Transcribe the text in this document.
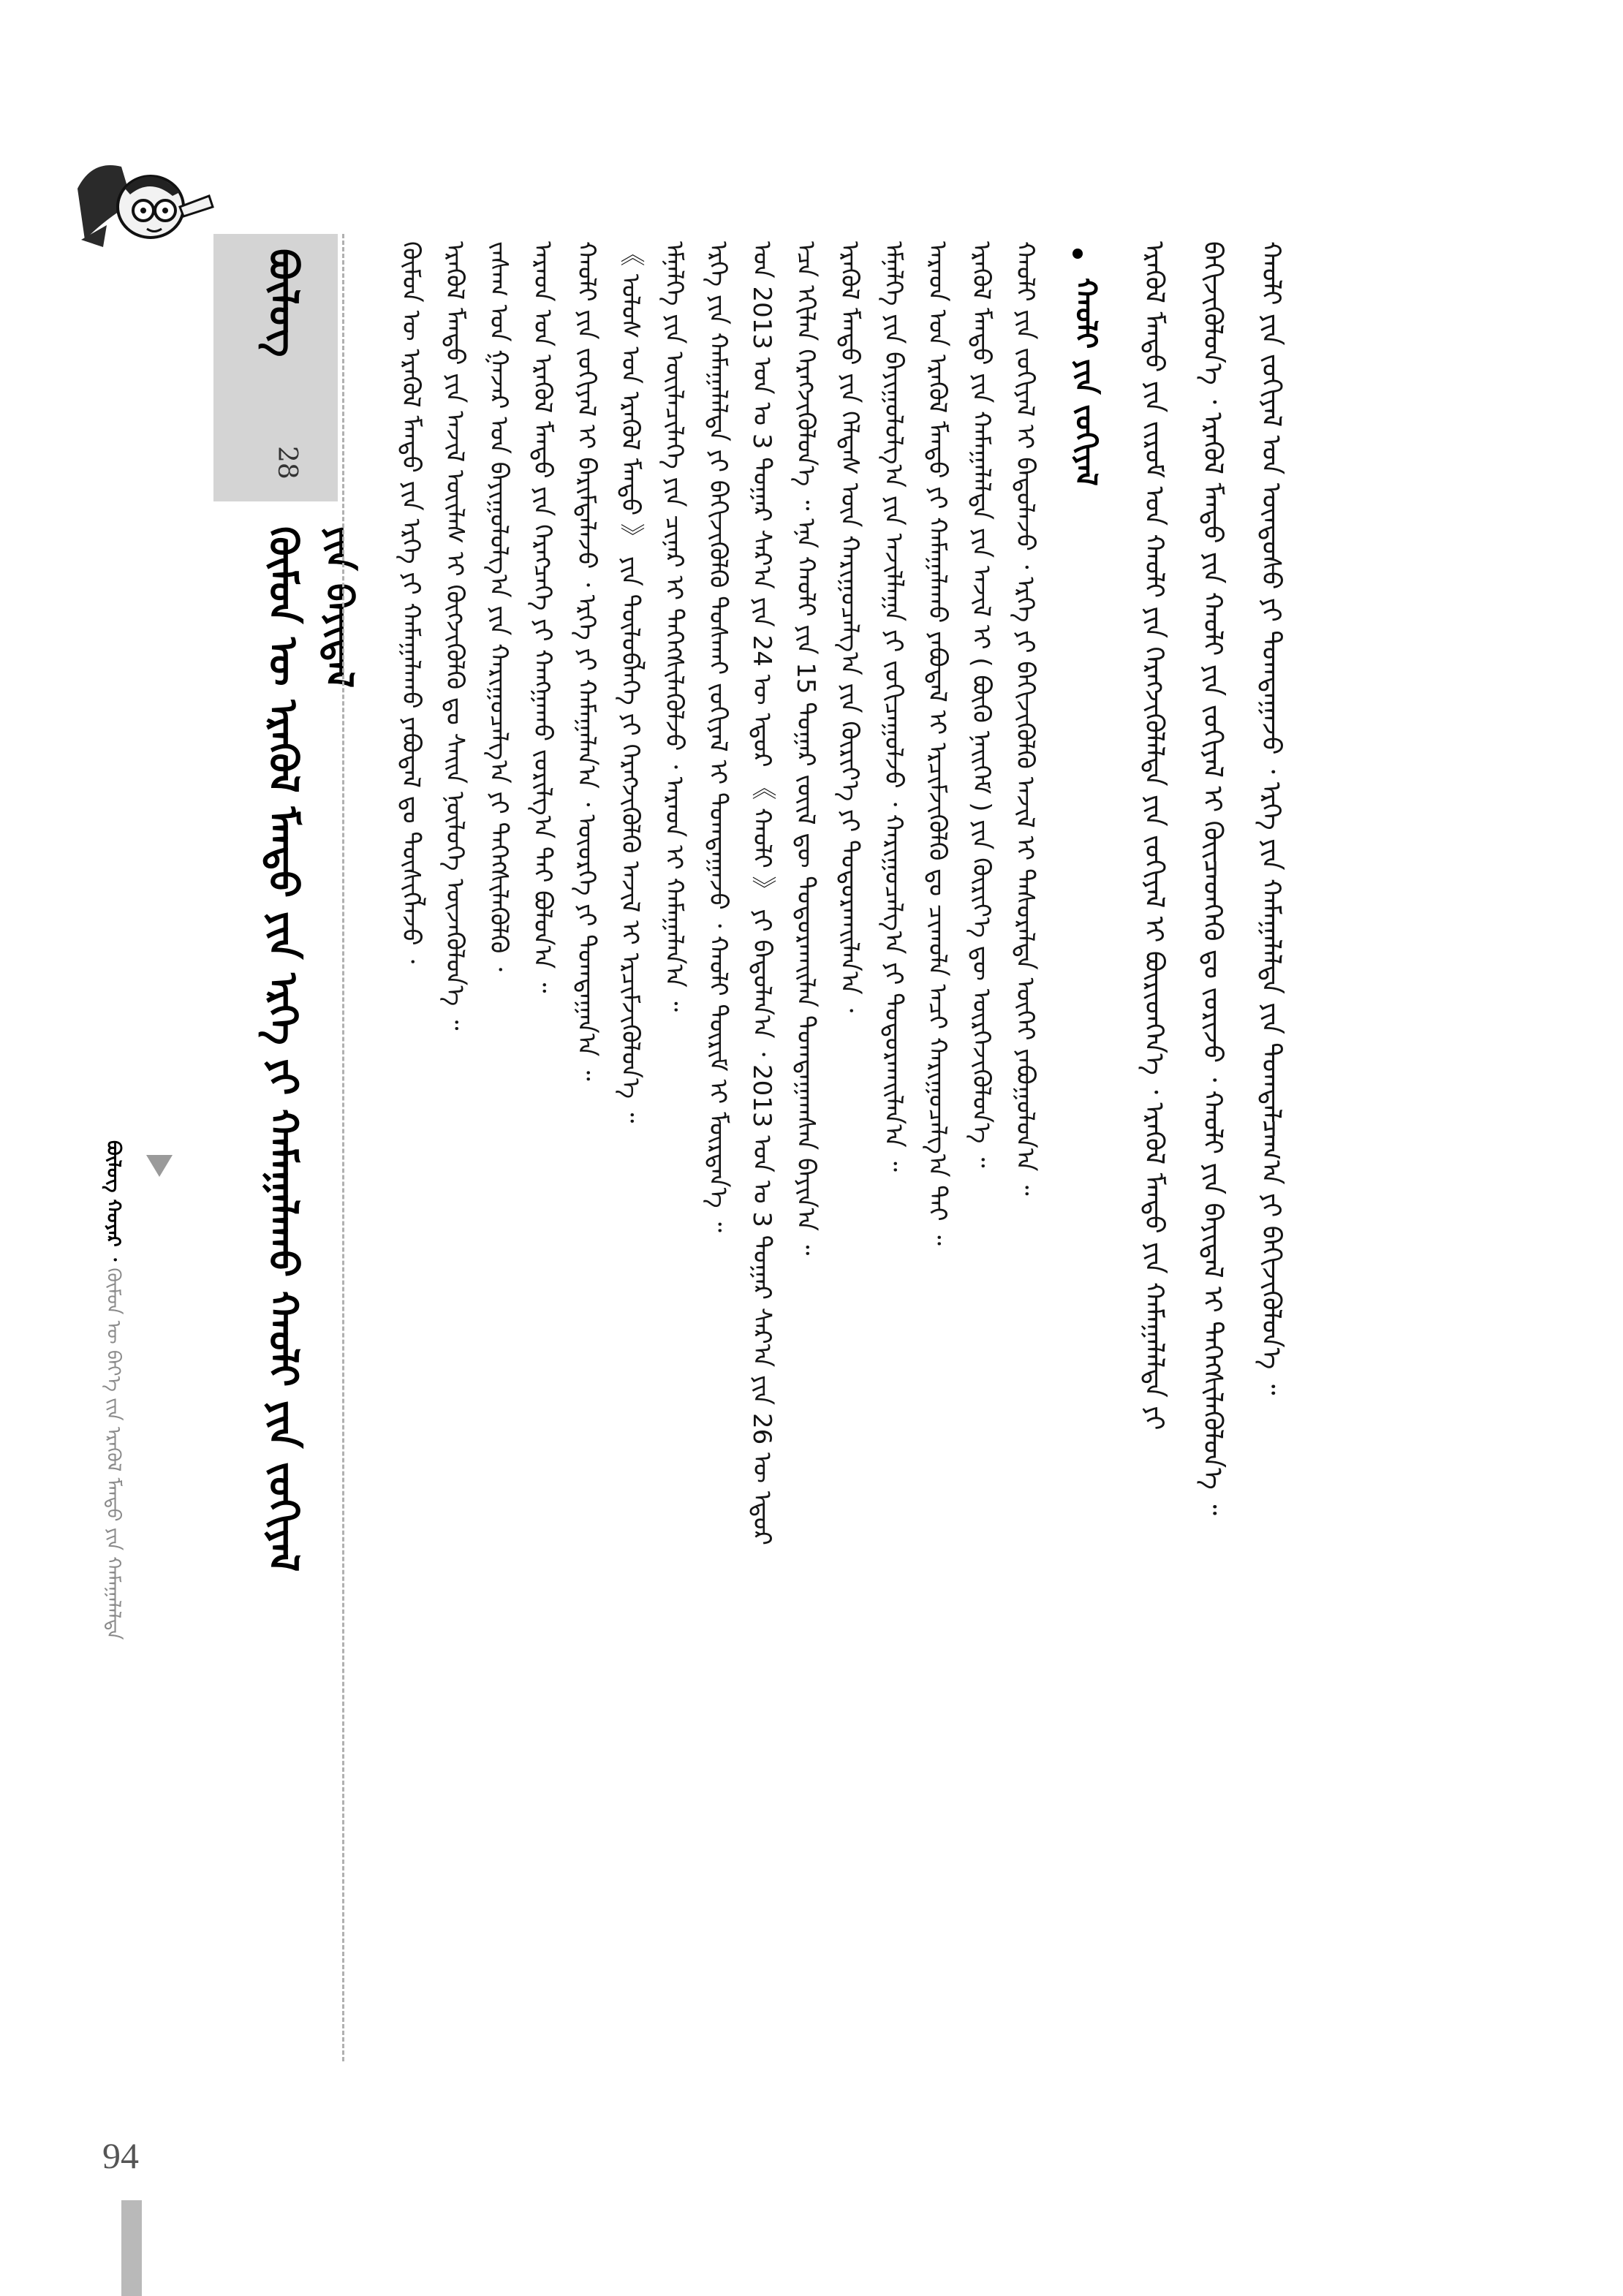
ᠪᠦᠯᠦᠭ ᠬᠣᠶᠠᠷ ᠂ ᠬᠦᠮᠦᠨ ᠦ ᠪᠡᠶ᠎ᠡ ᠵᠢᠨ ᠡᠷᠡᠭᠦᠯ ᠮᠡᠨᠳᠦ ᠶᠢᠨ ᠬᠠᠮᠠᠭᠠᠯᠠᠯᠲᠠ
ᠪᠦᠯᠦᠭ
28
ᠬᠦᠮᠦᠨ ᠦ ᠡᠷᠡᠭᠦᠯ ᠮᠡᠨᠳᠦ ᠶᠢᠨ ᠡᠷᠬᠡ ᠶᠢ ᠬᠠᠮᠠᠭᠠᠯᠠᠬᠤ ᠬᠠᠤᠯᠢ ᠶᠢᠨ ᠵᠣᠬᠢᠶᠠᠯ ᠶᠢᠨ ᠪᠠᠶᠢᠳᠠᠯ	ᠬᠦᠮᠦᠨ ᠦ ᠡᠷᠡᠭᠦᠯ ᠮᠡᠨᠳᠦ ᠶᠢᠨ ᠡᠷᠬᠡ ᠶᠢ ᠬᠠᠮᠠᠭᠠᠯᠠᠬᠤ ᠶᠠᠪᠤᠳᠠᠯ ᠳᠤ ᠲᠦᠰᠢᠭᠯᠡᠵᠦ ᠂ ᠡᠷᠡᠭᠦᠯ ᠮᠡᠨᠳᠦ ᠶᠢᠨ ᠠᠵᠢᠯ ᠦᠢᠯᠡᠰ ᠢ ᠬᠦᠭᠵᠢᠭᠦᠯᠬᠦ ᠳᠤ ᠰᠠᠢᠨ ᠨᠥᠯᠦᠭᠡ ᠦᠵᠡᠭᠦᠯᠦᠨ᠎ᠡ ᠃ ᠵᠠᠰᠠᠭ ᠤᠨ ᠭᠠᠵᠠᠷ ᠤᠨ ᠪᠠᠶᠢᠭᠤᠯᠤᠯᠭ᠎ᠠ ᠶᠢᠨ ᠬᠠᠷᠢᠭᠤᠴᠠᠯᠭ᠎ᠠ ᠶᠢ ᠳᠡᠭᠡᠭᠰᠢᠯᠡᠭᠦᠯᠬᠦ ᠂ ᠠᠷᠠᠳ ᠤᠨ ᠡᠷᠡᠭᠦᠯ ᠮᠡᠨᠳᠦ ᠶᠢᠨ ᠬᠡᠷᠡᠭᠴᠡᠭᠡ ᠶᠢ ᠬᠠᠩᠭᠠᠬᠤ ᠵᠣᠷᠢᠯᠭ᠎ᠠ ᠲᠠᠢ ᠪᠣᠯᠤᠨ᠎ᠠ ᠃ ᠬᠠᠤᠯᠢ ᠶᠢᠨ ᠵᠣᠬᠢᠶᠠᠯ ᠢ ᠪᠠᠷᠢᠮᠲᠠᠯᠠᠵᠤ ᠂ ᠡᠷᠬᠡ ᠶᠢ ᠬᠠᠮᠠᠭᠠᠯᠠᠨ᠎ᠠ ᠂ ᠦᠦᠷᠭᠡ ᠶᠢ ᠲᠣᠭᠲᠠᠭᠠᠨ᠎ᠠ ᠃ 《 ᠤᠯᠤᠰ ᠤᠨ ᠡᠷᠡᠭᠦᠯ ᠮᠡᠨᠳᠦ 》 ᠶᠢᠨ ᠲᠥᠯᠦᠪᠯᠡᠭᠡ ᠶᠢ ᠬᠡᠷᠡᠭᠵᠢᠭᠦᠯᠬᠦ ᠠᠵᠢᠯ ᠢ ᠡᠷᠴᠢᠮᠵᠢᠭᠦᠯᠦᠨ᠎ᠡ ᠃ ᠡᠮᠨᠡᠯᠭᠡ ᠶᠢᠨ ᠦᠢᠯᠡᠴᠢᠯᠡᠭᠡ ᠶᠢᠨ ᠴᠢᠨᠠᠷ ᠢ ᠳᠡᠭᠡᠭᠰᠢᠯᠡᠭᠦᠯᠵᠦ ᠂ ᠠᠷᠠᠳ ᠢ ᠬᠠᠮᠠᠭᠠᠯᠠᠨ᠎ᠠ ᠃ ᠡᠷᠬᠡ ᠶᠢᠨ ᠬᠠᠮᠠᠭᠠᠯᠠᠯᠲᠠ ᠶᠢ ᠪᠡᠬᠢᠵᠢᠭᠦᠯᠬᠦ ᠲᠤᠰᠬᠠᠢ ᠵᠣᠬᠢᠶᠠᠯ ᠢ ᠲᠣᠭᠲᠠᠭᠠᠵᠤ ᠂ ᠬᠠᠤᠯᠢ ᠳᠦᠷᠢᠮ ᠢ ᠮᠥᠷᠳᠡᠨ᠎ᠡ ᠃ ᠣᠨ 2013 ᠣᠨ ᠤ 3 ᠳᠤᠭᠠᠷ ᠰᠠᠷ᠎ᠠ ᠶᠢᠨ 24 ᠦ ᠡᠳᠦᠷ 《 ᠬᠠᠤᠯᠢ 》 ᠶᠢ ᠪᠠᠲᠤᠯᠠᠨ᠎ᠠ ᠂ 2013 ᠣᠨ ᠤ 3 ᠳᠤᠭᠠᠷ ᠰᠠᠷ᠎ᠠ ᠶᠢᠨ 26 ᠦ ᠡᠳᠦᠷ ᠡᠴᠡ ᠡᠬᠢᠯᠡᠨ ᠬᠡᠷᠡᠭᠵᠢᠭᠦᠯᠦᠨ᠎ᠡ ᠃ ᠡᠨᠡ ᠬᠠᠤᠯᠢ ᠶᠢᠨ 15 ᠳᠤᠭᠠᠷ ᠵᠦᠢᠯ ᠳᠦ ᠲᠣᠳᠣᠷᠬᠠᠢᠯᠠᠨ ᠲᠣᠭᠲᠠᠭᠠᠭᠰᠠᠨ ᠪᠠᠶᠢᠨ᠎ᠠ ᠃ ᠡᠷᠡᠭᠦᠯ ᠮᠡᠨᠳᠦ ᠶᠢᠨ ᠬᠡᠯᠲᠡᠰ ᠦᠨ ᠬᠠᠷᠢᠭᠤᠴᠠᠯᠭ᠎ᠠ ᠶᠢᠨ ᠬᠦᠷᠢᠶ᠎ᠡ ᠶᠢ ᠲᠣᠳᠣᠷᠬᠠᠢᠯᠠᠨ᠎ᠠ ᠂ ᠡᠮᠨᠡᠯᠭᠡ ᠶᠢᠨ ᠪᠠᠶᠢᠭᠤᠯᠤᠯᠭ᠎ᠠ ᠶᠢᠨ ᠠᠵᠢᠯᠯᠠᠭᠠ ᠶᠢ ᠵᠣᠬᠢᠴᠠᠭᠤᠯᠵᠤ ᠂ ᠬᠠᠷᠢᠭᠤᠴᠠᠯᠭ᠎ᠠ ᠶᠢ ᠲᠣᠳᠣᠷᠬᠠᠢᠯᠠᠨ᠎ᠠ ᠃ ᠠᠷᠠᠳ ᠤᠨ ᠡᠷᠡᠭᠦᠯ ᠮᠡᠨᠳᠦ ᠶᠢ ᠬᠠᠮᠠᠭᠠᠯᠠᠬᠤ ᠶᠠᠪᠤᠳᠠᠯ ᠢ ᠡᠷᠴᠢᠮᠵᠢᠭᠦᠯᠬᠦ ᠳᠤ ᠴᠢᠬᠤᠯᠠ ᠠᠴᠢ ᠬᠠᠷᠢᠭᠤᠴᠠᠯᠭ᠎ᠠ ᠲᠠᠢ ᠃ ᠡᠷᠡᠭᠦᠯ ᠮᠡᠨᠳᠦ ᠶᠢᠨ ᠬᠠᠮᠠᠭᠠᠯᠠᠯᠲᠠ ᠶᠢᠨ ᠠᠵᠢᠯ ᠢ ( ᠪᠦᠬᠦ ᠨᠡᠢᠭᠡᠮ ) ᠶᠢᠨ ᠬᠦᠷᠢᠶ᠎ᠡ ᠳᠦ ᠥᠷᠭᠡᠵᠢᠭᠦᠯᠦᠨ᠎ᠡ ᠃ ᠬᠠᠤᠯᠢ ᠶᠢᠨ ᠵᠣᠬᠢᠶᠠᠯ ᠢ ᠪᠠᠳᠤᠯᠠᠵᠤ ᠂ ᠡᠷᠬᠡ ᠶᠢ ᠪᠡᠬᠢᠵᠢᠭᠦᠯᠬᠦ ᠠᠵᠢᠯ ᠢ ᠲᠠᠰᠤᠷᠠᠯᠲᠠ ᠦᠭᠡᠢ ᠶᠠᠪᠤᠭᠤᠯᠤᠨ᠎ᠠ ᠃	ᠬᠠᠤᠯᠢ ᠶᠢᠨ ᠵᠣᠬᠢᠶᠠᠯ	ᠡᠷᠡᠭᠦᠯ ᠮᠡᠨᠳᠦ ᠶᠢᠨ ᠵᠢᠷᠤᠮ ᠤᠨ ᠬᠠᠤᠯᠢ ᠶᠢᠨ ᠬᠡᠷᠡᠭᠵᠢᠭᠦᠯᠡᠯᠲᠡ ᠶᠢᠨ ᠵᠣᠬᠢᠶᠠᠯ ᠢ ᠪᠦᠷᠢᠳᠬᠡᠨ᠎ᠡ ᠂ ᠡᠷᠡᠭᠦᠯ ᠮᠡᠨᠳᠦ ᠶᠢᠨ ᠬᠠᠮᠠᠭᠠᠯᠠᠯᠲᠠ ᠶᠢ ᠪᠡᠬᠢᠵᠢᠭᠦᠯᠦᠨ᠎ᠡ ᠂ ᠡᠷᠡᠭᠦᠯ ᠮᠡᠨᠳᠦ ᠶᠢᠨ ᠬᠠᠤᠯᠢ ᠶᠢᠨ ᠵᠣᠬᠢᠶᠠᠯ ᠢ ᠭᠦᠢᠴᠡᠳᠬᠡᠬᠦ ᠳᠤ ᠵᠣᠷᠢᠵᠤ ᠂ ᠬᠠᠤᠯᠢ ᠶᠢᠨ ᠪᠠᠶᠢᠳᠠᠯ ᠢ ᠳᠡᠭᠡᠭᠰᠢᠯᠡᠭᠦᠯᠦᠨ᠎ᠡ ᠃ ᠬᠠᠤᠯᠢ ᠶᠢᠨ ᠵᠣᠬᠢᠶᠠᠯ ᠤᠨ ᠦᠨᠳᠦᠰᠦ ᠶᠢ ᠲᠣᠭᠲᠠᠭᠠᠵᠤ ᠂ ᠡᠷᠬᠡ ᠶᠢᠨ ᠬᠠᠮᠠᠭᠠᠯᠠᠯᠲᠠ ᠶᠢᠨ ᠲᠣᠭᠲᠠᠯᠴᠠᠭ᠎ᠠ ᠶᠢ ᠪᠡᠬᠢᠵᠢᠭᠦᠯᠦᠨ᠎ᠡ ᠃
94
